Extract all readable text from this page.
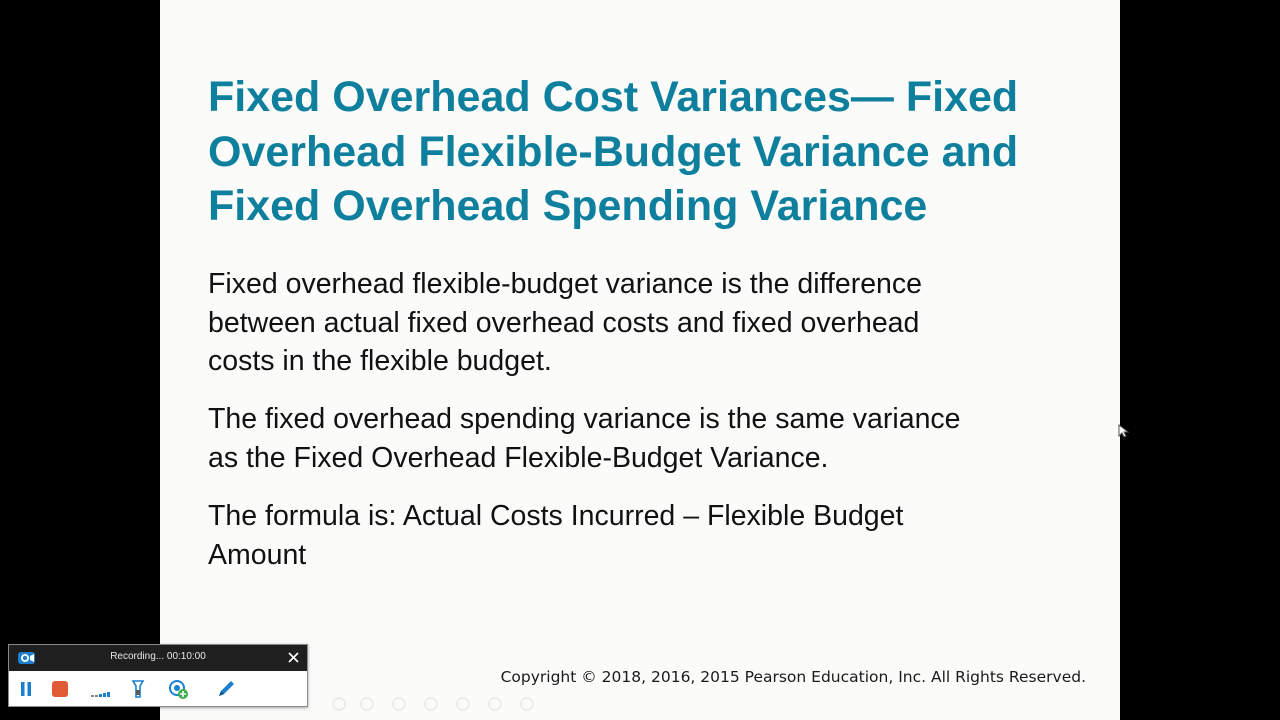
Fixed Overhead Cost Variances— Fixed
Overhead Flexible-Budget Variance and
Fixed Overhead Spending Variance

Fixed overhead flexible-budget variance is the difference
between actual fixed overhead costs and fixed overhead
costs in the flexible budget.

The fixed overhead spending variance is the same variance
as the Fixed Overhead Flexible-Budget Variance.

The formula is: Actual Costs Incurred – Flexible Budget
Amount

Copyright © 2018, 2016, 2015 Pearson Education, Inc. All Rights Reserved.
Recording... 00:10:00
